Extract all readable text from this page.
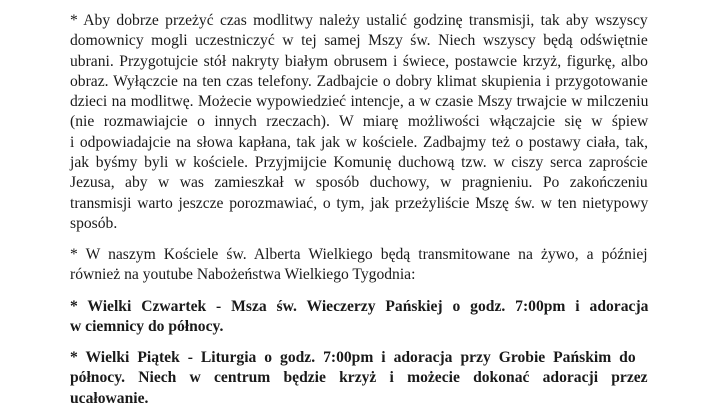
* Aby dobrze przeżyć czas modlitwy należy ustalić godzinę transmisji, tak aby wszyscy
domownicy mogli uczestniczyć w tej samej Mszy św. Niech wszyscy będą odświętnie
ubrani. Przygotujcie stół nakryty białym obrusem i świece, postawcie krzyż, figurkę, albo
obraz. Wyłączcie na ten czas telefony. Zadbajcie o dobry klimat skupienia i przygotowanie
dzieci na modlitwę. Możecie wypowiedzieć intencje, a w czasie Mszy trwajcie w milczeniu
(nie rozmawiajcie o innych rzeczach). W miarę możliwości włączajcie się w śpiew
i odpowiadajcie na słowa kapłana, tak jak w kościele. Zadbajmy też o postawy ciała, tak,
jak byśmy byli w kościele. Przyjmijcie Komunię duchową tzw. w ciszy serca zaproście
Jezusa, aby w was zamieszkał w sposób duchowy, w pragnieniu. Po zakończeniu
transmisji warto jeszcze porozmawiać, o tym, jak przeżyliście Mszę św. w ten nietypowy
sposób.

* W naszym Kościele św. Alberta Wielkiego będą transmitowane na żywo, a później
również na youtube Nabożeństwa Wielkiego Tygodnia:

* Wielki Czwartek - Msza św. Wieczerzy Pańskiej o godz. 7:00pm i adoracja
w ciemnicy do północy.

* Wielki Piątek - Liturgia o godz. 7:00pm i adoracja przy Grobie Pańskim do
północy. Niech w centrum będzie krzyż i możecie dokonać adoracji przez
ucałowanie.
